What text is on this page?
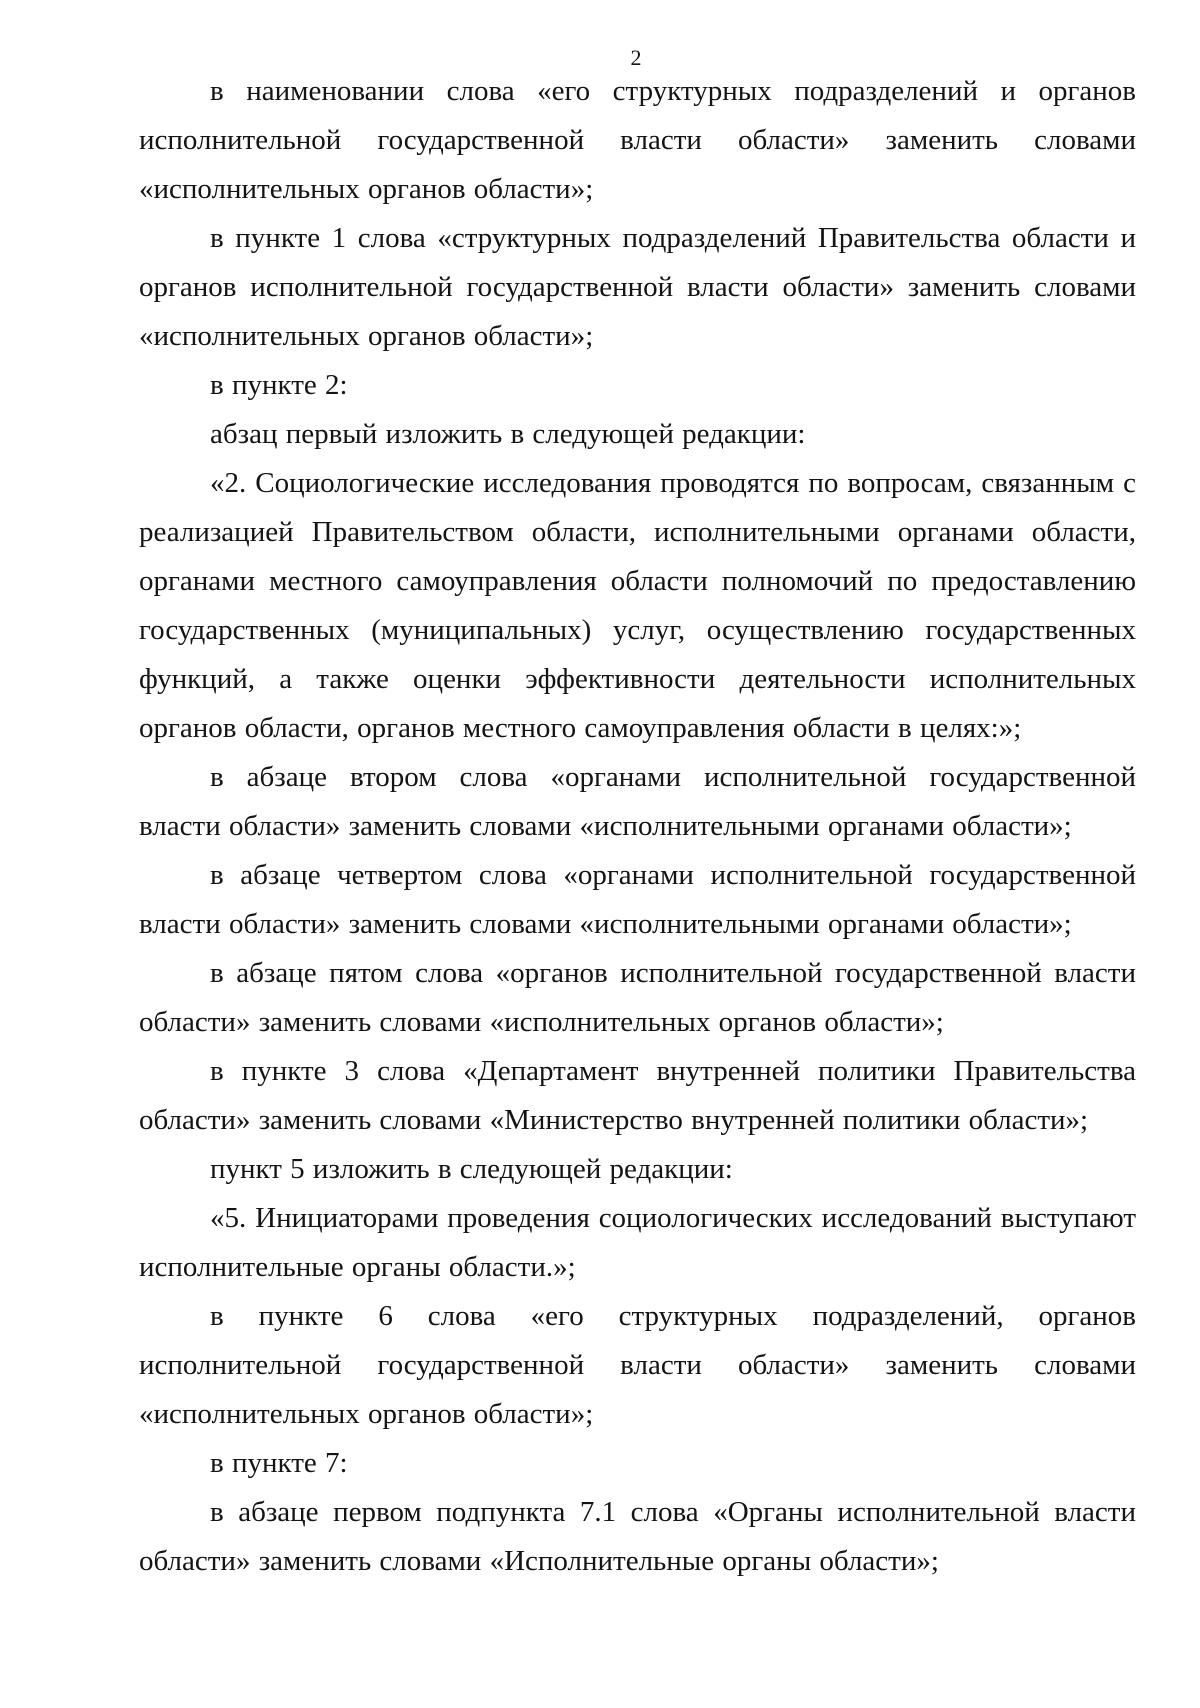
2

в наименовании слова «его структурных подразделений и органов исполнительной государственной власти области» заменить словами «исполнительных органов области»;

в пункте 1 слова «структурных подразделений Правительства области и органов исполнительной государственной власти области» заменить словами «исполнительных органов области»;

в пункте 2:

абзац первый изложить в следующей редакции:

«2. Социологические исследования проводятся по вопросам, связанным с реализацией Правительством области, исполнительными органами области, органами местного самоуправления области полномочий по предоставлению государственных (муниципальных) услуг, осуществлению государственных функций, а также оценки эффективности деятельности исполнительных органов области, органов местного самоуправления области в целях:»;

в абзаце втором слова «органами исполнительной государственной власти области» заменить словами «исполнительными органами области»;

в абзаце четвертом слова «органами исполнительной государственной власти области» заменить словами «исполнительными органами области»;

в абзаце пятом слова «органов исполнительной государственной власти области» заменить словами «исполнительных органов области»;

в пункте 3 слова «Департамент внутренней политики Правительства области» заменить словами «Министерство внутренней политики области»;

пункт 5 изложить в следующей редакции:

«5. Инициаторами проведения социологических исследований выступают исполнительные органы области.»;

в пункте 6 слова «его структурных подразделений, органов исполнительной государственной власти области» заменить словами «исполнительных органов области»;

в пункте 7:

в абзаце первом подпункта 7.1 слова «Органы исполнительной власти области» заменить словами «Исполнительные органы области»;
